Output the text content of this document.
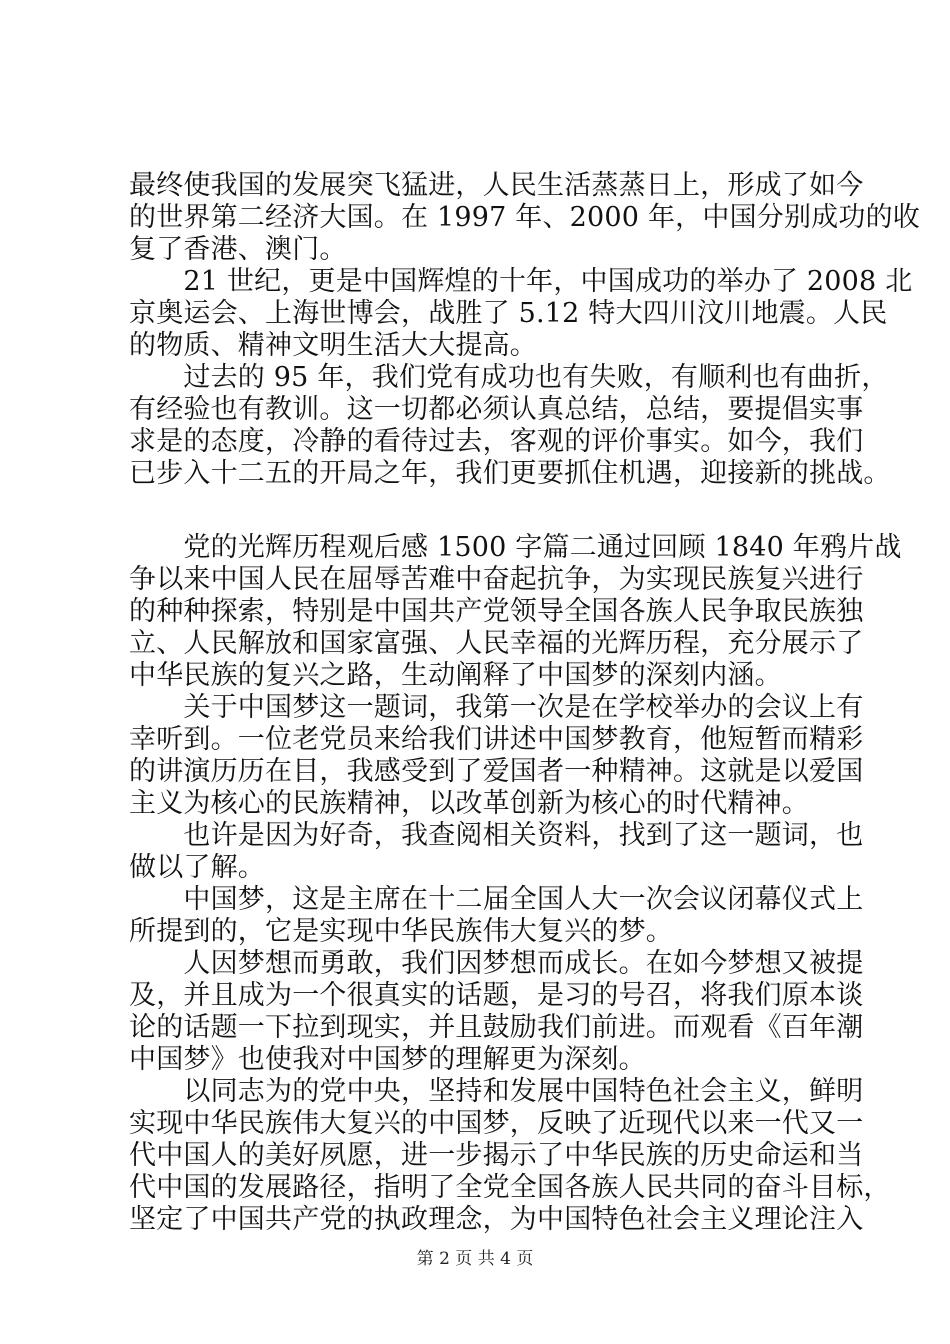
最终使我国的发展突飞猛进，人民生活蒸蒸日上，形成了如今

的世界第二经济大国。在 1997 年、2000 年，中国分别成功的收

复了香港、澳门。

　　21 世纪，更是中国辉煌的十年，中国成功的举办了 2008 北

京奥运会、上海世博会，战胜了 5.12 特大四川汶川地震。人民

的物质、精神文明生活大大提高。

　　过去的 95 年，我们党有成功也有失败，有顺利也有曲折，

有经验也有教训。这一切都必须认真总结，总结，要提倡实事

求是的态度，冷静的看待过去，客观的评价事实。如今，我们

已步入十二五的开局之年，我们更要抓住机遇，迎接新的挑战。

　　党的光辉历程观后感 1500 字篇二通过回顾 1840 年鸦片战

争以来中国人民在屈辱苦难中奋起抗争，为实现民族复兴进行

的种种探索，特别是中国共产党领导全国各族人民争取民族独

立、人民解放和国家富强、人民幸福的光辉历程，充分展示了

中华民族的复兴之路，生动阐释了中国梦的深刻内涵。

　　关于中国梦这一题词，我第一次是在学校举办的会议上有

幸听到。一位老党员来给我们讲述中国梦教育，他短暂而精彩

的讲演历历在目，我感受到了爱国者一种精神。这就是以爱国

主义为核心的民族精神，以改革创新为核心的时代精神。

　　也许是因为好奇，我查阅相关资料，找到了这一题词，也

做以了解。

　　中国梦，这是主席在十二届全国人大一次会议闭幕仪式上

所提到的，它是实现中华民族伟大复兴的梦。

　　人因梦想而勇敢，我们因梦想而成长。在如今梦想又被提

及，并且成为一个很真实的话题，是习的号召，将我们原本谈

论的话题一下拉到现实，并且鼓励我们前进。而观看《百年潮

中国梦》也使我对中国梦的理解更为深刻。

　　以同志为的党中央，坚持和发展中国特色社会主义，鲜明

实现中华民族伟大复兴的中国梦，反映了近现代以来一代又一

代中国人的美好夙愿，进一步揭示了中华民族的历史命运和当

代中国的发展路径，指明了全党全国各族人民共同的奋斗目标，

坚定了中国共产党的执政理念，为中国特色社会主义理论注入

第 2 页 共 4 页
